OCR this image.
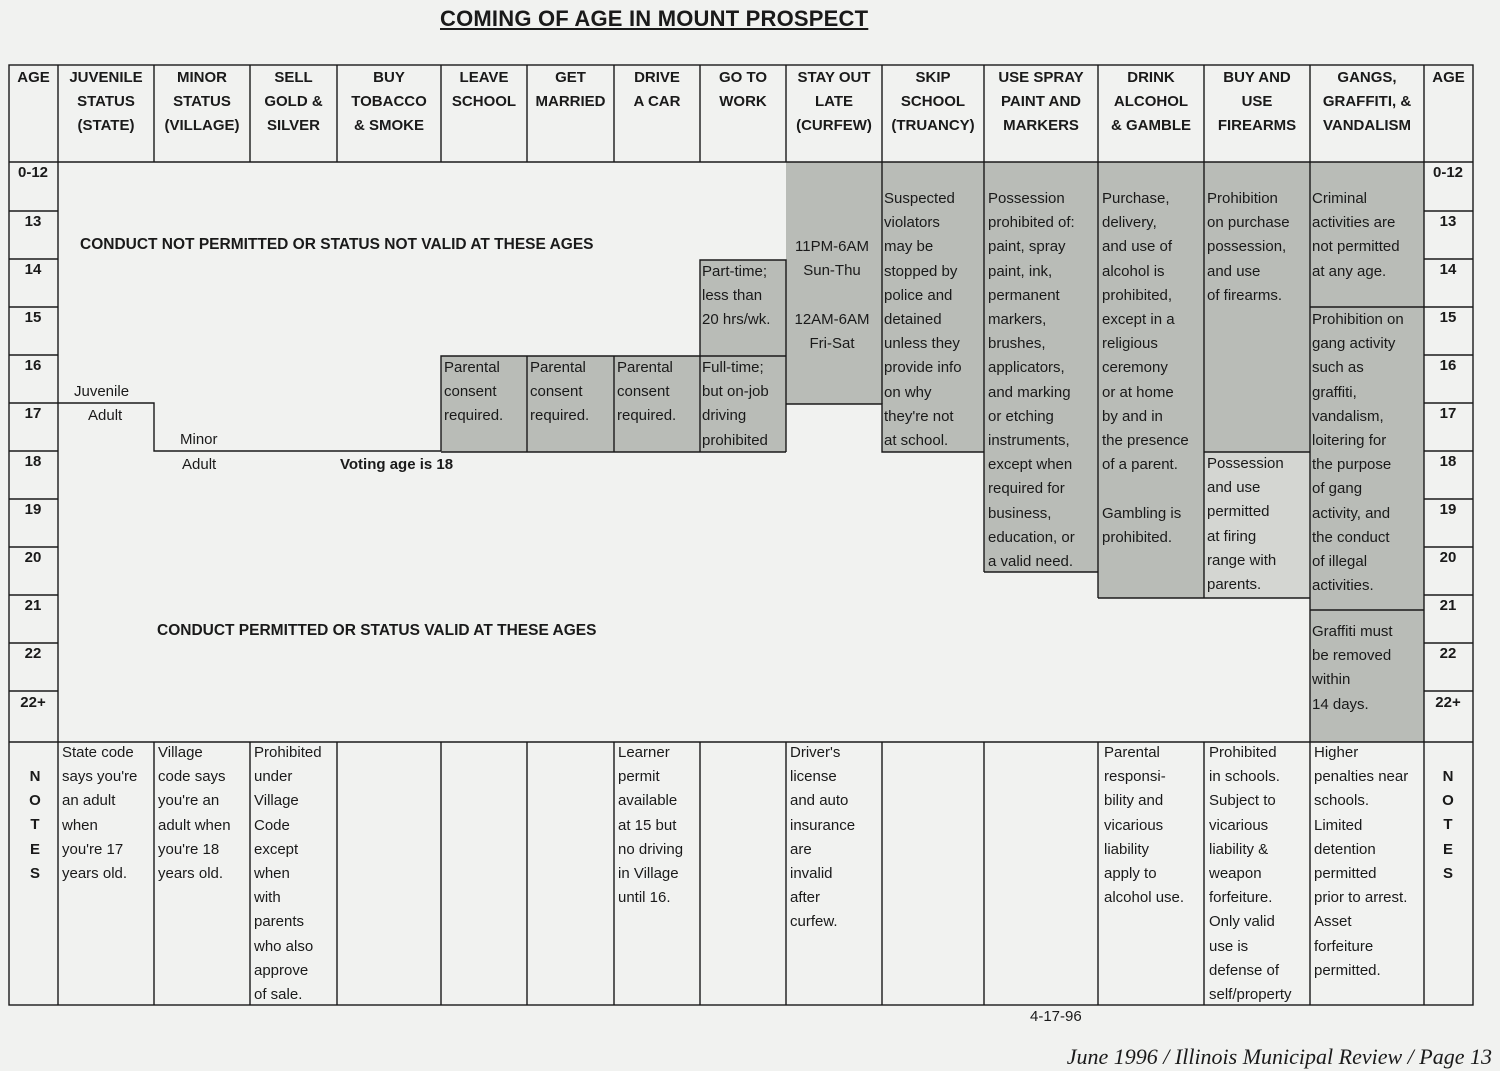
COMING OF AGE IN MOUNT PROSPECT
AGE	JUVENILE
STATUS
(STATE)
MINOR
STATUS
(VILLAGE)
SELL
GOLD &
SILVER
BUY
TOBACCO
& SMOKE
LEAVE
SCHOOL
GET
MARRIED
DRIVE
A CAR
GO TO
WORK
STAY OUT
LATE
(CURFEW)
SKIP
SCHOOL
(TRUANCY)
USE SPRAY
PAINT AND
MARKERS
DRINK
ALCOHOL
& GAMBLE
BUY AND
USE
FIREARMS
GANGS,
GRAFFITI, &
VANDALISM
AGE
0-12
13
14
15
16
17
18
19
20
21
22
22+
0-12
13
14
15
16
17
18
19
20
21
22
22+
CONDUCT NOT PERMITTED OR STATUS NOT VALID AT THESE AGES
CONDUCT PERMITTED OR STATUS VALID AT THESE AGES
Juvenile
Adult
Minor
Adult	Voting age is 18
Parental
consent
required.
Parental
consent
required.
Parental
consent
required.
Part-time;
less than
20 hrs/wk.
Full-time;
but on-job
driving
prohibited
11PM-6AM

12AM-6AM
Sun-Thu

Fri-Sat
Suspected
violators
may be
stopped by
police and
detained
unless they
provide info
on why
they're not
at school.
Possession
prohibited of:
paint, spray
paint, ink,
permanent
markers,
brushes,
applicators,
and marking
or etching
instruments,
except when
required for
business,
education, or
a valid need.
Purchase,
delivery,
and use of
alcohol is
prohibited,
except in a
religious
ceremony
or at home
by and in
the presence
of a parent.

Gambling is
prohibited.
Prohibition
on purchase
possession,
and use
of firearms.
Possession
and use
permitted
at firing
range with
parents.
Criminal
activities are
not permitted
at any age.
Prohibition on
gang activity
such as
graffiti,
vandalism,
loitering for
the purpose
of gang
activity, and
the conduct
of illegal
activities.
Graffiti must
be removed
within
14 days.
N
O
T
E
S
N
O
T
E
S
State code
says you're
an adult
when
you're 17
years old.
Village
code says
you're an
adult when
you're 18
years old.
Prohibited
under
Village
Code
except
when
with
parents
who also
approve
of sale.
Learner
permit
available
at 15 but
no driving
in Village
until 16.
Driver's
license
and auto
insurance
are
invalid
after
curfew.
Parental
responsi-
bility and
vicarious
liability
apply to
alcohol use.
Prohibited
in schools.
Subject to
vicarious
liability &
weapon
forfeiture.
Only valid
use is
defense of
self/property
Higher
penalties near
schools.
Limited
detention
permitted
prior to arrest.
Asset
forfeiture
permitted.
4-17-96
June 1996 / Illinois Municipal Review / Page 13
